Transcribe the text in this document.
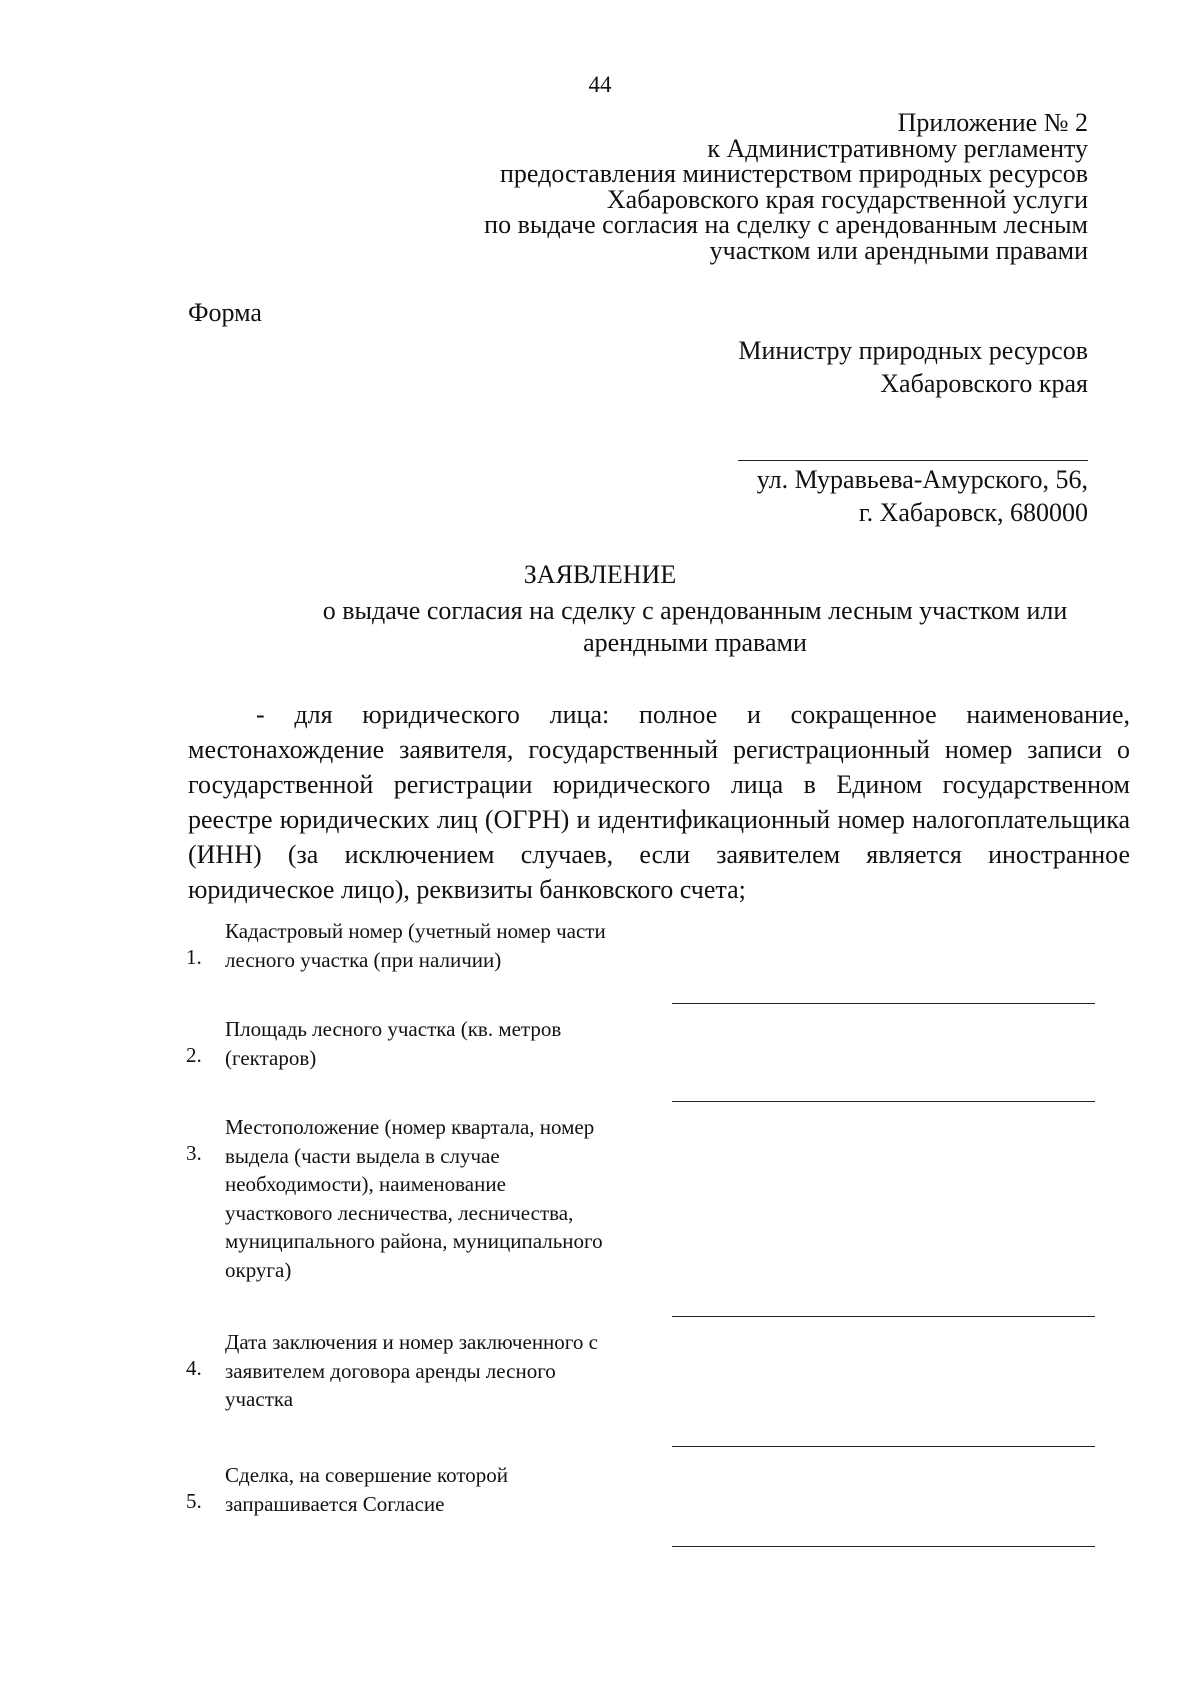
44
Приложение № 2
к Административному регламенту
предоставления министерством природных ресурсов
Хабаровского края государственной услуги
по выдаче согласия на сделку с арендованным лесным
участком или арендными правами
Форма
Министру природных ресурсов
Хабаровского края
ул. Муравьева-Амурского, 56,
г. Хабаровск, 680000
ЗАЯВЛЕНИЕ
о выдаче согласия на сделку с арендованным лесным участком или
арендными правами
- для юридического лица: полное и сокращенное наименование, местонахождение заявителя, государственный регистрационный номер записи о государственной регистрации юридического лица в Едином государственном реестре юридических лиц (ОГРН) и идентификационный номер налогоплательщика (ИНН) (за исключением случаев, если заявителем является иностранное юридическое лицо), реквизиты банковского счета;
Кадастровый номер (учетный номер части
лесного участка (при наличии)
1.
Площадь лесного участка (кв. метров
(гектаров)
2.
Местоположение (номер квартала, номер
выдела (части выдела в случае
необходимости), наименование
участкового лесничества, лесничества,
муниципального района, муниципального
округа)
3.
Дата заключения и номер заключенного с
заявителем договора аренды лесного
участка
4.
Сделка, на совершение которой
запрашивается Согласие
5.
